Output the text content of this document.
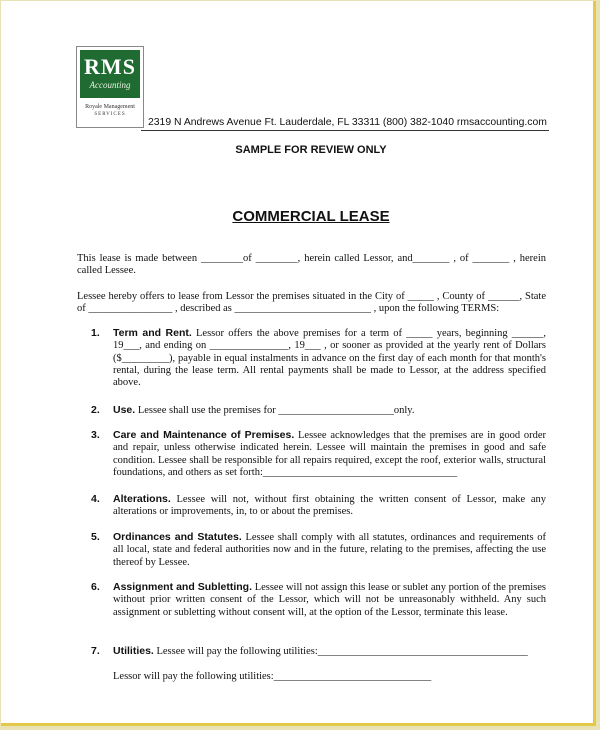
RMS
Accounting
Royale Management
SERVICES
2319 N Andrews Avenue Ft. Lauderdale, FL 33311 (800) 382-1040 rmsaccounting.com
SAMPLE FOR REVIEW ONLY
COMMERCIAL LEASE
This lease is made between ________of ________, herein called Lessor, and_______ , of _______ , herein called Lessee.
Lessee hereby offers to lease from Lessor the premises situated in the City of _____ , County of ______, State of ________________ , described as __________________________ , upon the following TERMS:
1. Term and Rent. Lessor offers the above premises for a term of _____ years, beginning ______, 19___, and ending on _______________, 19___ , or sooner as provided at the yearly rent of Dollars ($_________), payable in equal instalments in advance on the first day of each month for that month's rental, during the lease term. All rental payments shall be made to Lessor, at the address specified above.
2. Use. Lessee shall use the premises for ______________________only.
3. Care and Maintenance of Premises. Lessee acknowledges that the premises are in good order and repair, unless otherwise indicated herein. Lessee will maintain the premises in good and safe condition. Lessee shall be responsible for all repairs required, except the roof, exterior walls, structural foundations, and others as set forth:_____________________________________
4. Alterations. Lessee will not, without first obtaining the written consent of Lessor, make any alterations or improvements, in, to or about the premises.
5. Ordinances and Statutes. Lessee shall comply with all statutes, ordinances and requirements of all local, state and federal authorities now and in the future, relating to the premises, affecting the use thereof by Lessee.
6. Assignment and Subletting. Lessee will not assign this lease or sublet any portion of the premises without prior written consent of the Lessor, which will not be unreasonably withheld. Any such assignment or subletting without consent will, at the option of the Lessor, terminate this lease.
7. Utilities. Lessee will pay the following utilities:________________________________________
Lessor will pay the following utilities:______________________________
